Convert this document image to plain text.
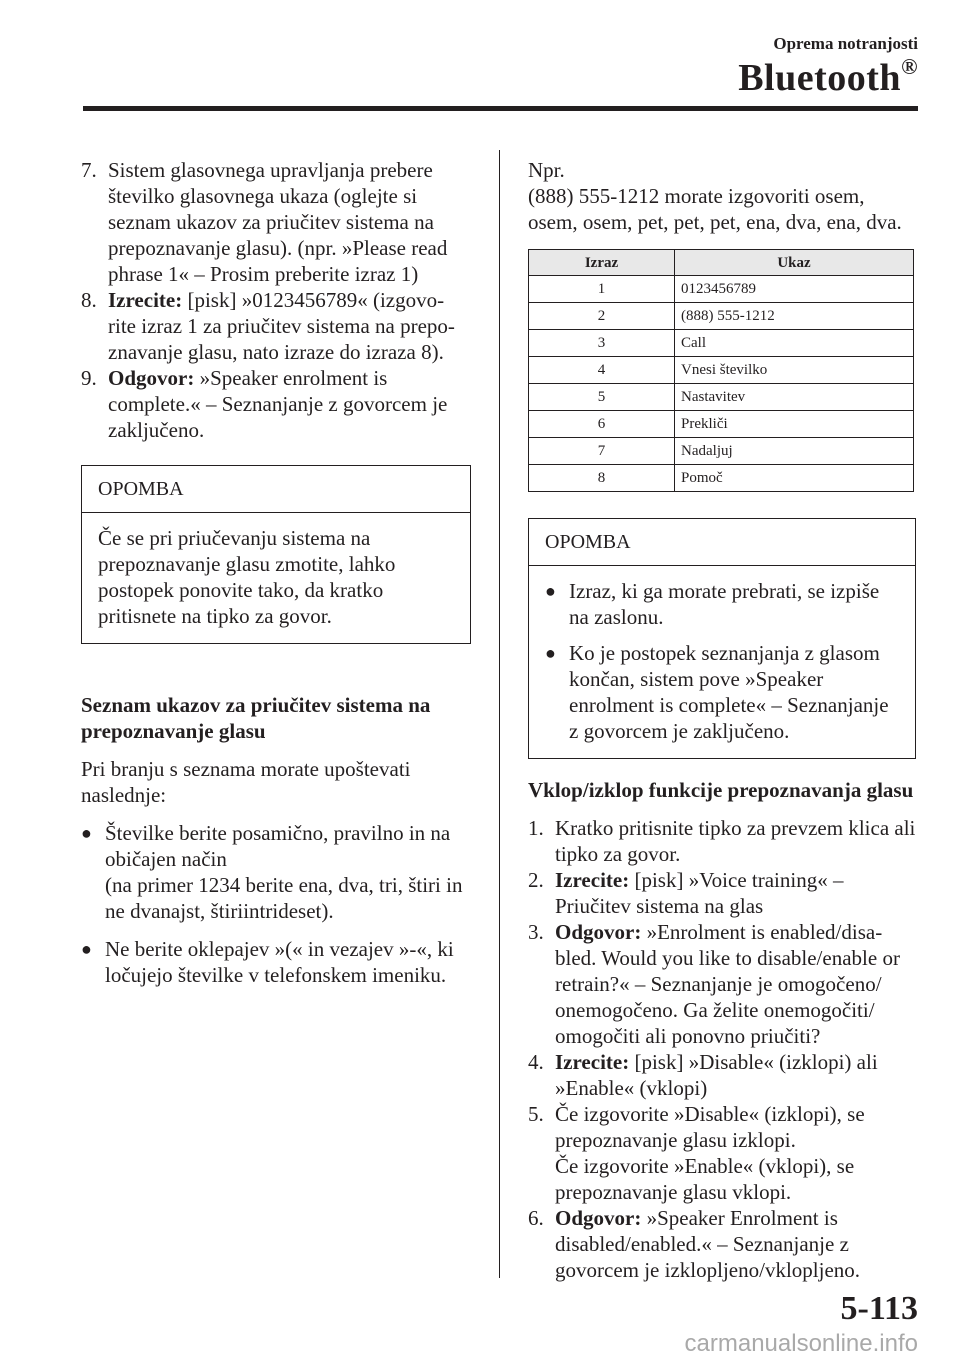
Oprema notranjosti
Bluetooth®

7. Sistem glasovnega upravljanja prebere številko glasovnega ukaza (oglejte si seznam ukazov za priučitev sistema na prepoznavanje glasu). (npr. »Please read phrase 1« – Prosim preberite izraz 1)

8. Izrecite: [pisk] »0123456789« (izgovo-rite izraz 1 za priučitev sistema na prepo-znavanje glasu, nato izraze do izraza 8).

9. Odgovor: »Speaker enrolment is complete.« – Seznanjanje z govorcem je zaključeno.

OPOMBA
Če se pri priučevanju sistema na prepoznavanje glasu zmotite, lahko postopek ponovite tako, da kratko pritisnete na tipko za govor.

Seznam ukazov za priučitev sistema na prepoznavanje glasu

Pri branju s seznama morate upoštevati naslednje:

● Številke berite posamično, pravilno in na običajen način
(na primer 1234 berite ena, dva, tri, štiri in ne dvanajst, štiriintrideset).
● Ne berite oklepajev »(« in vezajev »-«, ki ločujejo številke v telefonskem imeniku.

Npr.

(888) 555-1212 morate izgovoriti osem, osem, osem, pet, pet, pet, ena, dva, ena, dva.

Izraz	Ukaz
1	0123456789
2	(888) 555-1212
3	Call
4	Vnesi številko
5	Nastavitev
6	Prekliči
7	Nadaljuj
8	Pomoč
OPOMBA
● Izraz, ki ga morate prebrati, se izpiše na zaslonu.
● Ko je postopek seznanjanja z glasom končan, sistem pove »Speaker enrolment is complete« – Seznanjanje z govorcem je zaključeno.

Vklop/izklop funkcije prepoznavanja glasu

1. Kratko pritisnite tipko za prevzem klica ali tipko za govor.

2. Izrecite: [pisk] »Voice training« – Priučitev sistema na glas

3. Odgovor: »Enrolment is enabled/disa-bled. Would you like to disable/enable or retrain?« – Seznanjanje je omogočeno/ onemogočeno. Ga želite onemogočiti/ omogočiti ali ponovno priučiti?

4. Izrecite: [pisk] »Disable« (izklopi) ali »Enable« (vklopi)

5. Če izgovorite »Disable« (izklopi), se prepoznavanje glasu izklopi.
Če izgovorite »Enable« (vklopi), se prepoznavanje glasu vklopi.

6. Odgovor: »Speaker Enrolment is disabled/enabled.« – Seznanjanje z govorcem je izklopljeno/vklopljeno.

5-113
carmanualsonline.info
